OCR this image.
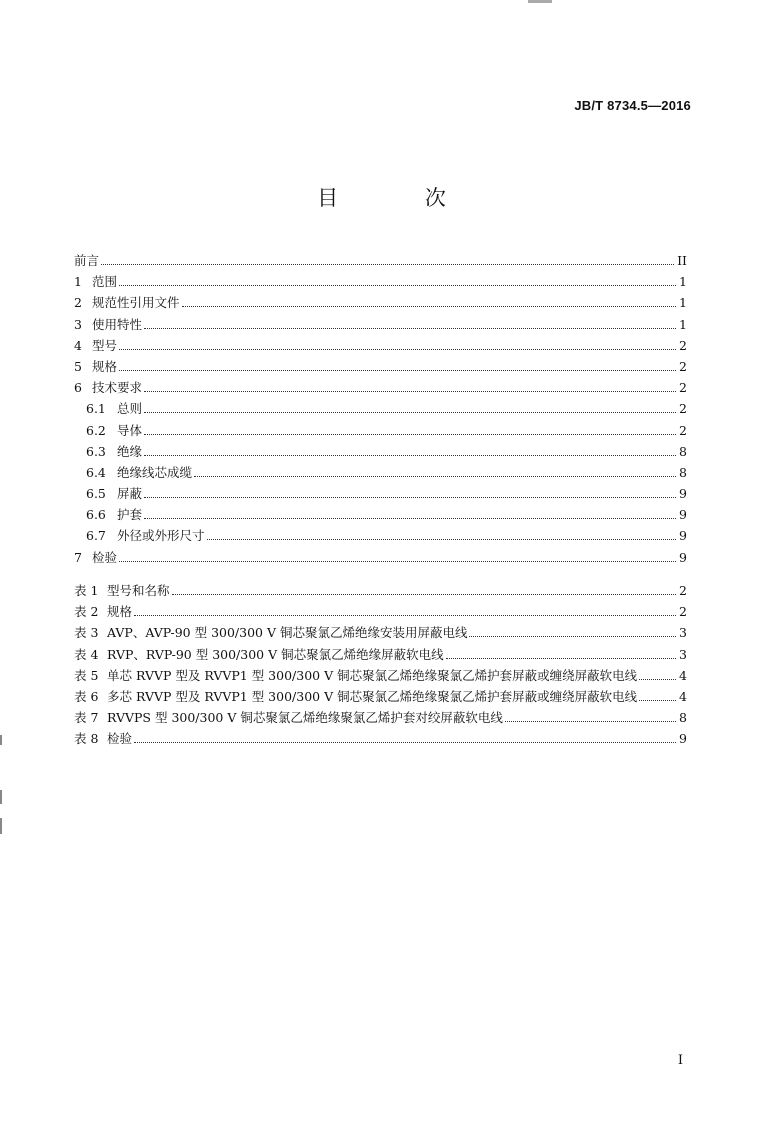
JB/T 8734.5—2016
目 次
前言	II
1 范围	1
2 规范性引用文件	1
3 使用特性	1
4 型号	2
5 规格	2
6 技术要求	2
6.1 总则	2
6.2 导体	2
6.3 绝缘	8
6.4 绝缘线芯成缆	8
6.5 屏蔽	9
6.6 护套	9
6.7 外径或外形尺寸	9
7 检验	9
表 1 型号和名称	2
表 2 规格	2
表 3 AVP、AVP-90 型 300/300 V 铜芯聚氯乙烯绝缘安装用屏蔽电线	3
表 4 RVP、RVP-90 型 300/300 V 铜芯聚氯乙烯绝缘屏蔽软电线	3
表 5 单芯 RVVP 型及 RVVP1 型 300/300 V 铜芯聚氯乙烯绝缘聚氯乙烯护套屏蔽或缠绕屏蔽软电线	4
表 6 多芯 RVVP 型及 RVVP1 型 300/300 V 铜芯聚氯乙烯绝缘聚氯乙烯护套屏蔽或缠绕屏蔽软电线	4
表 7 RVVPS 型 300/300 V 铜芯聚氯乙烯绝缘聚氯乙烯护套对绞屏蔽软电线	8
表 8 检验	9
I
